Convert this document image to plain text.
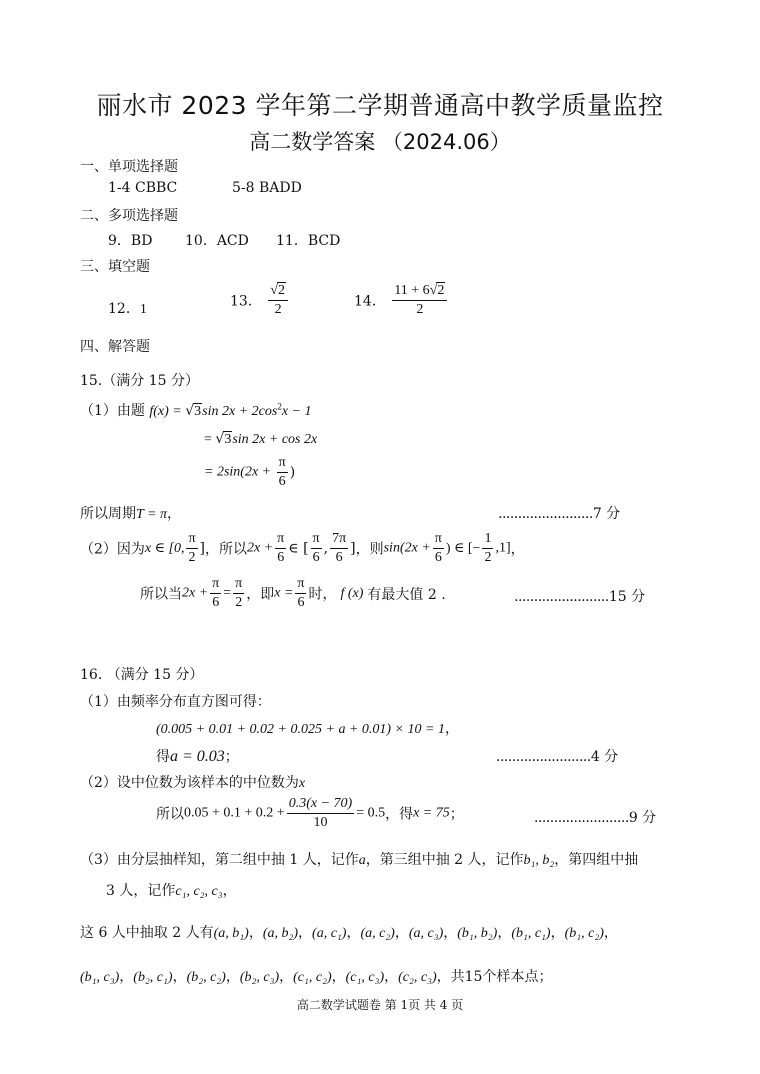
丽水市 2023 学年第二学期普通高中教学质量监控
高二数学答案 （2024.06）
一、单项选择题
1-4 CBBC	5-8 BADD
二、多项选择题
9．BD 10．ACD 11．BCD
三、填空题
12．1	13． $\frac{√2}{2}$	14． $\frac{11 + 6√2}{2}$
四、解答题
15.（满分 15 分）
（1）由题 f(x) = √3sin $2x + 2\cos^2x - 1$
= √3sin 2x + cos 2x
= $2\sin(2x + \frac{\pi}{6}$ )
所以周期T = π，	........................7 分
（2）因为x ∈ [0, $\frac{\pi}{2}$ ]，所以$2x + \frac{\pi}{6}$ ∈ [ $\frac{\pi}{6}$ , $\frac{7\pi}{6}$ ]，则$\sin(2x + \frac{\pi}{6}$ ) ∈ [− $\frac{1}{2} ,1$]，
所以当$2x + \frac{\pi}{6} = \frac{\pi}{2}$ ，即$x = \frac{\pi}{6}$ 时， f (x) 有最大值 2 .	........................15 分
16. （满分 15 分）
（1）由频率分布直方图可得：
(0.005 + 0.01 + 0.02 + 0.025 + a + 0.01) × 10 = 1，
得a = 0.03；	........................4 分
（2）设中位数为该样本的中位数为x
所以$0.05 + 0.1 + 0.2 + \frac{0.3(x - 70)}{10} = 0.5$，得x = 75；	........................9 分
（3）由分层抽样知，第二组中抽 1 人，记作a，第三组中抽 2 人，记作b₁, b₂，第四组中抽
3 人，记作c₁, c₂, c₃，
这 6 人中抽取 2 人有(a, b₁)，(a, b₂)，(a, c₁)，(a, c₂)，(a, c₃)，(b₁, b₂)，(b₁, c₁)，(b₁, c₂)，
(b₁, c₃)，(b₂, c₁)，(b₂, c₂)，(b₂, c₃)，(c₁, c₂)，(c₁, c₃)，(c₂, c₃)，共15个样本点；
高二数学试题卷 第 1页 共 4 页
